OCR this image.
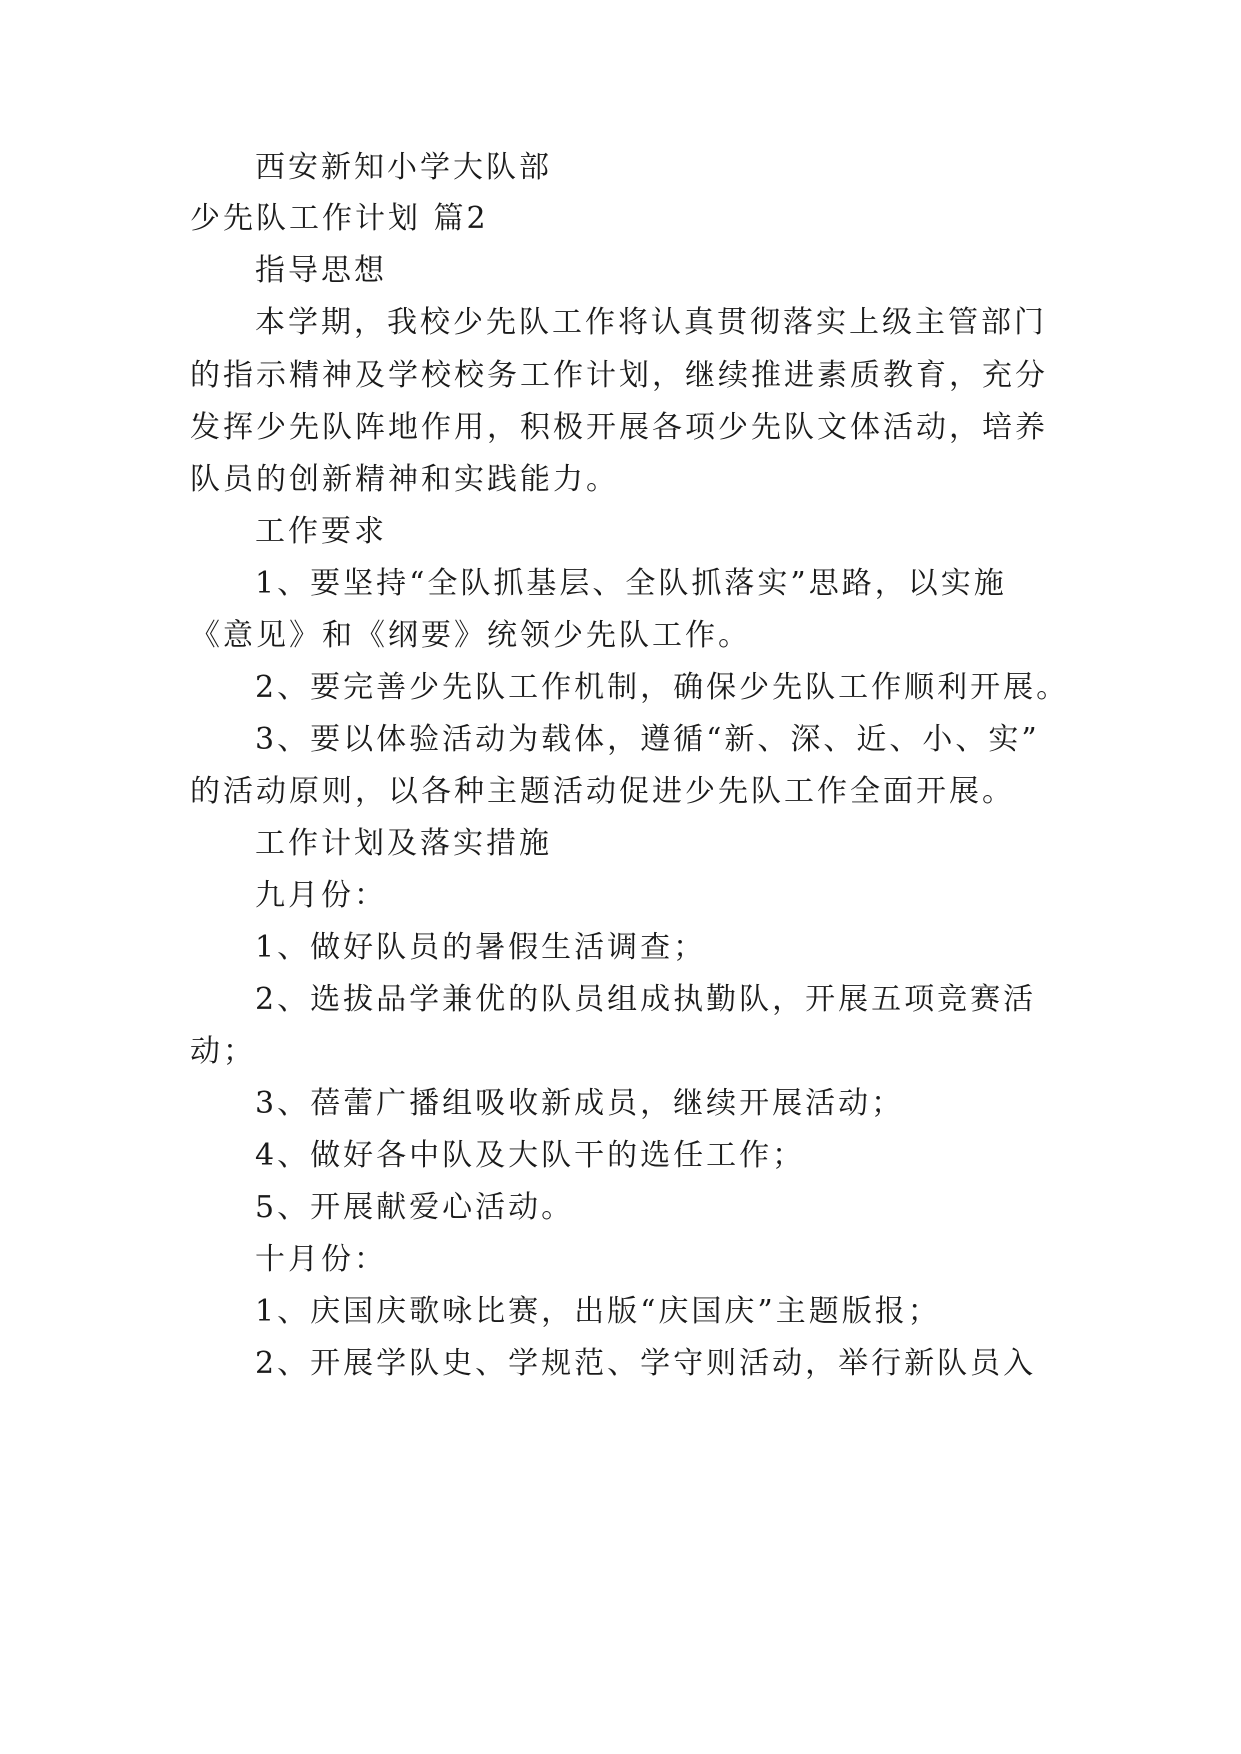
西安新知小学大队部
少先队工作计划 篇2
指导思想
本学期，我校少先队工作将认真贯彻落实上级主管部门
的指示精神及学校校务工作计划，继续推进素质教育，充分
发挥少先队阵地作用，积极开展各项少先队文体活动，培养
队员的创新精神和实践能力。
工作要求
1、要坚持“全队抓基层、全队抓落实”思路，以实施
《意见》和《纲要》统领少先队工作。
2、要完善少先队工作机制，确保少先队工作顺利开展。
3、要以体验活动为载体，遵循“新、深、近、小、实”
的活动原则，以各种主题活动促进少先队工作全面开展。
工作计划及落实措施
九月份：
1、做好队员的暑假生活调查；
2、选拔品学兼优的队员组成执勤队，开展五项竞赛活
动；
3、蓓蕾广播组吸收新成员，继续开展活动；
4、做好各中队及大队干的选任工作；
5、开展献爱心活动。
十月份：
1、庆国庆歌咏比赛，出版“庆国庆”主题版报；
2、开展学队史、学规范、学守则活动，举行新队员入
